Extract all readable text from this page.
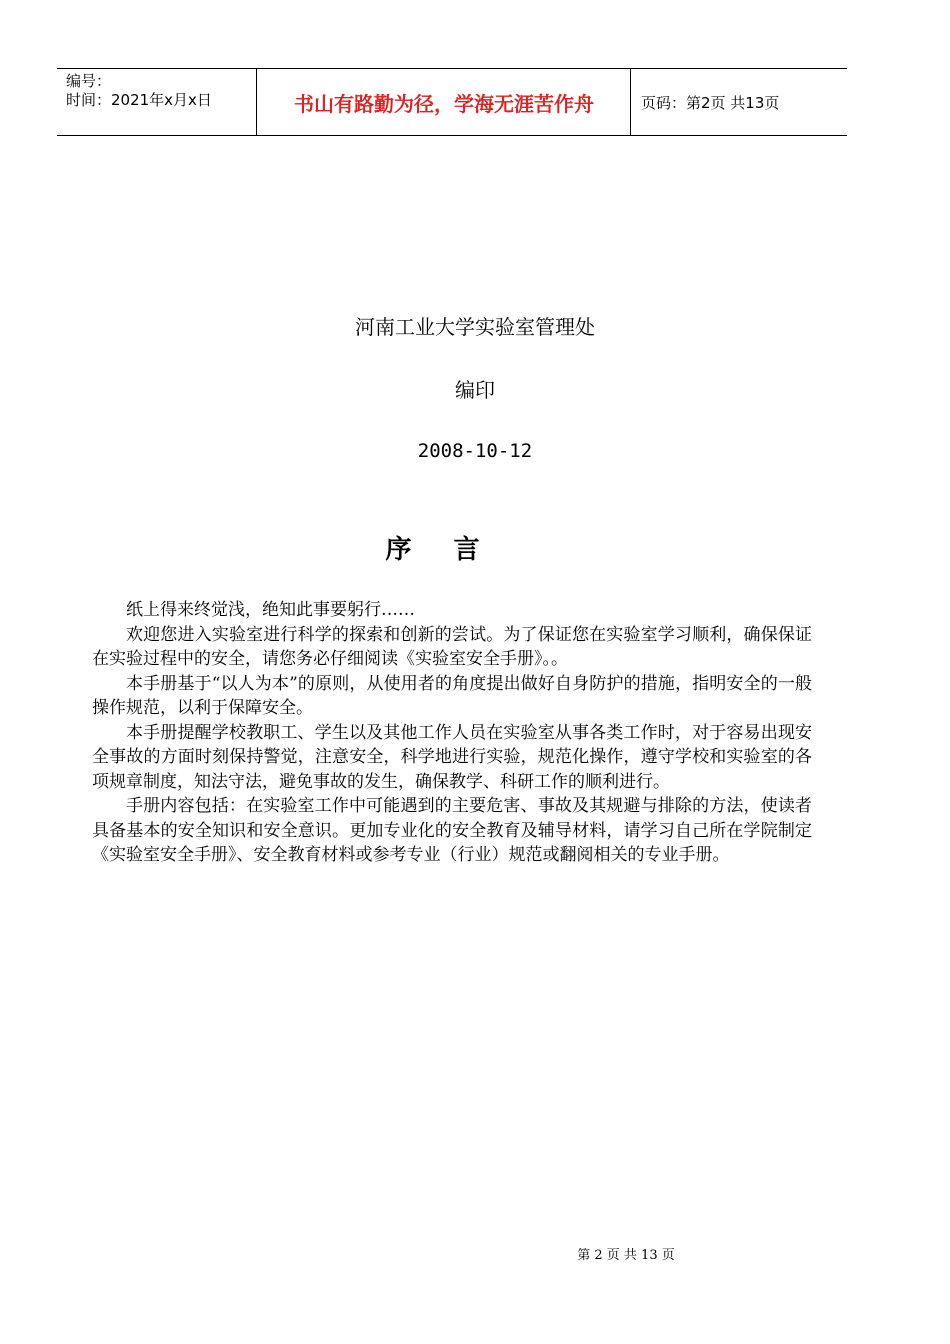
编号：
时间：2021年x月x日	书山有路勤为径，学海无涯苦作舟	页码：第2页 共13页
河南工业大学实验室管理处
编印
2008-10-12
序言

纸上得来终觉浅，绝知此事要躬行……

欢迎您进入实验室进行科学的探索和创新的尝试。为了保证您在实验室学习顺利，确保保证在实验过程中的安全，请您务必仔细阅读《实验室安全手册》。。

本手册基于“以人为本”的原则，从使用者的角度提出做好自身防护的措施，指明安全的一般操作规范，以利于保障安全。

本手册提醒学校教职工、学生以及其他工作人员在实验室从事各类工作时，对于容易出现安全事故的方面时刻保持警觉，注意安全，科学地进行实验，规范化操作，遵守学校和实验室的各项规章制度，知法守法，避免事故的发生，确保教学、科研工作的顺利进行。

手册内容包括：在实验室工作中可能遇到的主要危害、事故及其规避与排除的方法，使读者具备基本的安全知识和安全意识。更加专业化的安全教育及辅导材料，请学习自己所在学院制定《实验室安全手册》、安全教育材料或参考专业（行业）规范或翻阅相关的专业手册。

第 2 页 共 13 页
